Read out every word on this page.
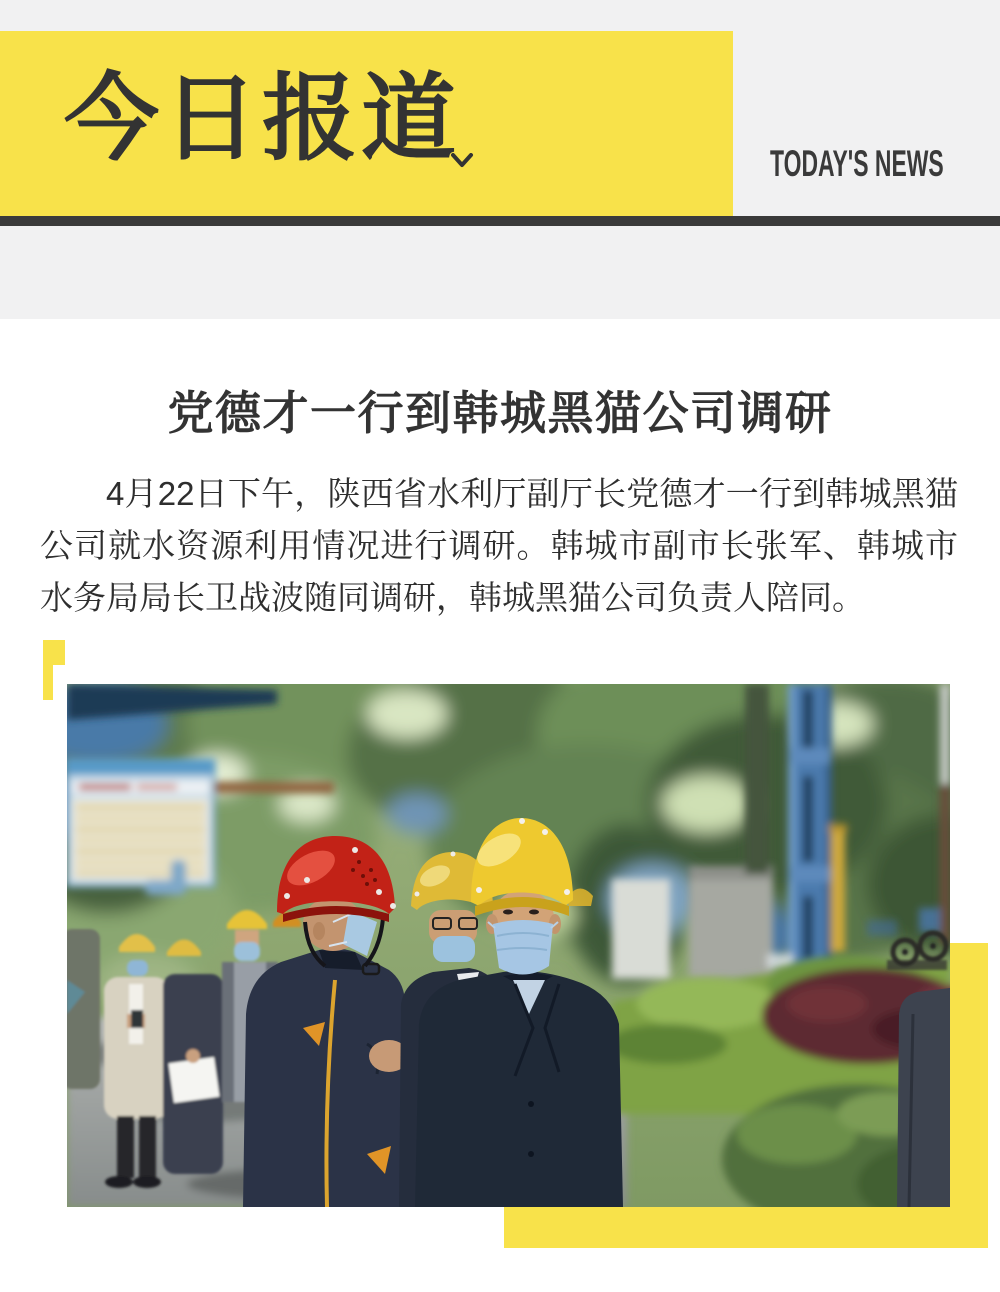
今日报道	TODAY'S NEWS
党德才一行到韩城黑猫公司调研

4月22日下午，陕西省水利厅副厅长党德才一行到韩城黑猫公司就水资源利用情况进行调研。韩城市副市长张军、韩城市水务局局长卫战波随同调研，韩城黑猫公司负责人陪同。
